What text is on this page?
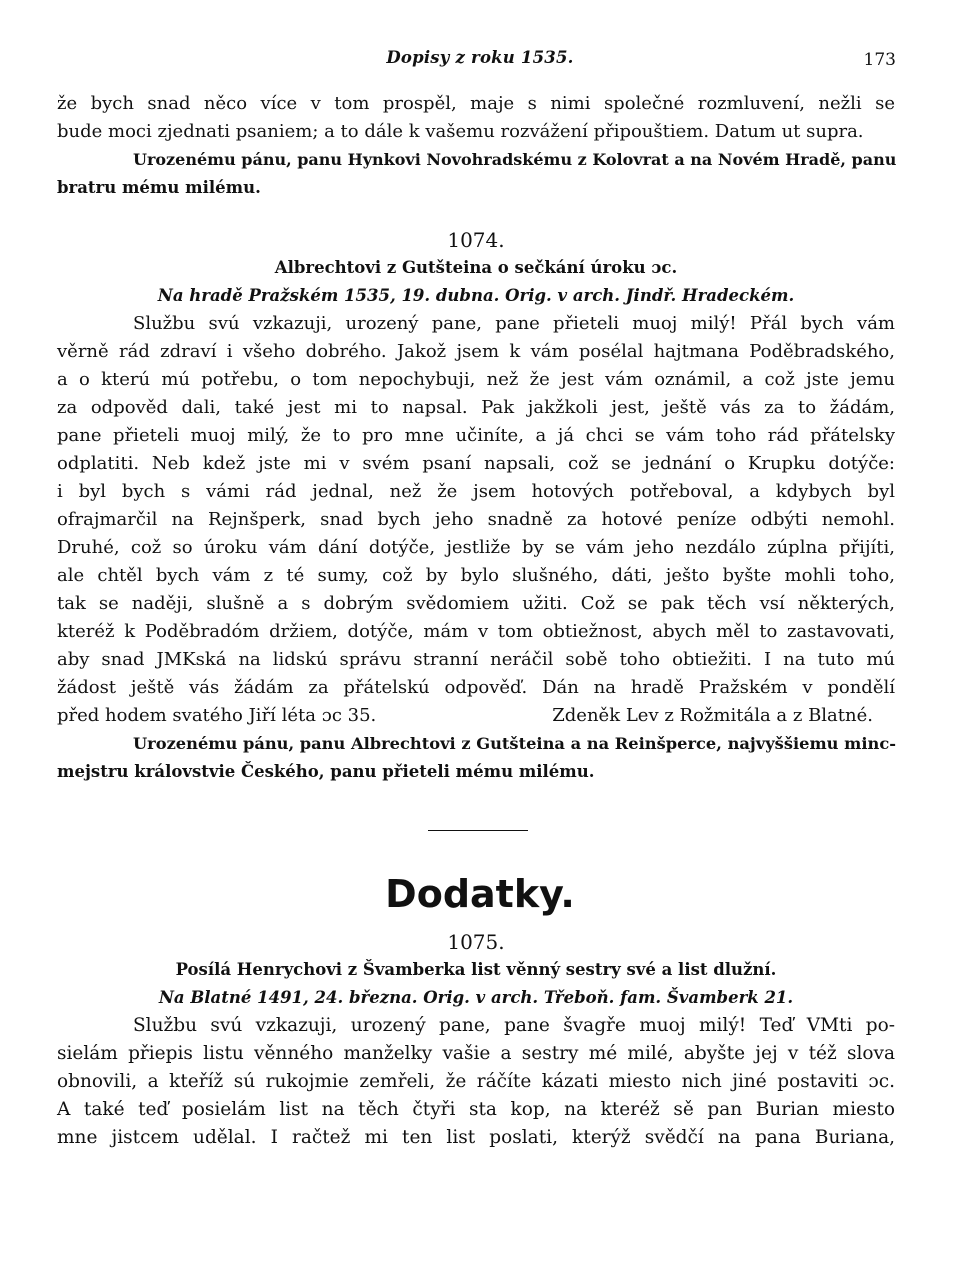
Dopisy z roku 1535.	173
že bych snad něco více v tom prospěl, maje s nimi společné rozmluvení, nežli se
bude moci zjednati psaniem; a to dále k vašemu rozvážení připouštiem. Datum ut supra.
Urozenému pánu, panu Hynkovi Novohradskému z Kolovrat a na Novém Hradě, panu
bratru mému milému.
1074.
Albrechtovi z Gutšteina o sečkání úroku ɔc.
Na hradě Pražském 1535, 19. dubna. Orig. v arch. Jindř. Hradeckém.
Službu svú vzkazuji, urozený pane, pane přieteli muoj milý! Přál bych vám
věrně rád zdraví i všeho dobrého. Jakož jsem k vám posélal hajtmana Poděbradského,
a o kterú mú potřebu, o tom nepochybuji, než že jest vám oznámil, a což jste jemu
za odpověd dali, také jest mi to napsal. Pak jakžkoli jest, ještě vás za to žádám,
pane přieteli muoj milý, že to pro mne učiníte, a já chci se vám toho rád přátelsky
odplatiti. Neb kdež jste mi v svém psaní napsali, což se jednání o Krupku dotýče:
i byl bych s vámi rád jednal, než že jsem hotových potřeboval, a kdybych byl
ofrajmarčil na Rejnšperk, snad bych jeho snadně za hotové peníze odbýti nemohl.
Druhé, což so úroku vám dání dotýče, jestliže by se vám jeho nezdálo zúplna přijíti,
ale chtěl bych vám z té sumy, což by bylo slušného, dáti, ješto byšte mohli toho,
tak se naději, slušně a s dobrým svědomiem užiti. Což se pak těch vsí některých,
kteréž k Poděbradóm držiem, dotýče, mám v tom obtiežnost, abych měl to zastavovati,
aby snad JMKská na lidskú správu stranní neráčil sobě toho obtiežiti. I na tuto mú
žádost ještě vás žádám za přátelskú odpověď. Dán na hradě Pražském v pondělí
před hodem svatého Jiří léta ɔc 35.	Zdeněk Lev z Rožmitála a z Blatné.
Urozenému pánu, panu Albrechtovi z Gutšteina a na Reinšperce, najvyššiemu minc-
mejstru královstvie Českého, panu přieteli mému milému.
Dodatky.
1075.
Posílá Henrychovi z Švamberka list věnný sestry své a list dlužní.
Na Blatné 1491, 24. března. Orig. v arch. Třeboň. fam. Švamberk 21.
Službu svú vzkazuji, urozený pane, pane švagře muoj milý! Teď VMti po-
sielám přiepis listu věnného manželky vašie a sestry mé milé, abyšte jej v též slova
obnovili, a kteříž sú rukojmie zemřeli, že ráčíte kázati miesto nich jiné postaviti ɔc.
A také teď posielám list na těch čtyři sta kop, na kteréž sě pan Burian miesto
mne jistcem udělal. I račtež mi ten list poslati, kterýž svědčí na pana Buriana,
